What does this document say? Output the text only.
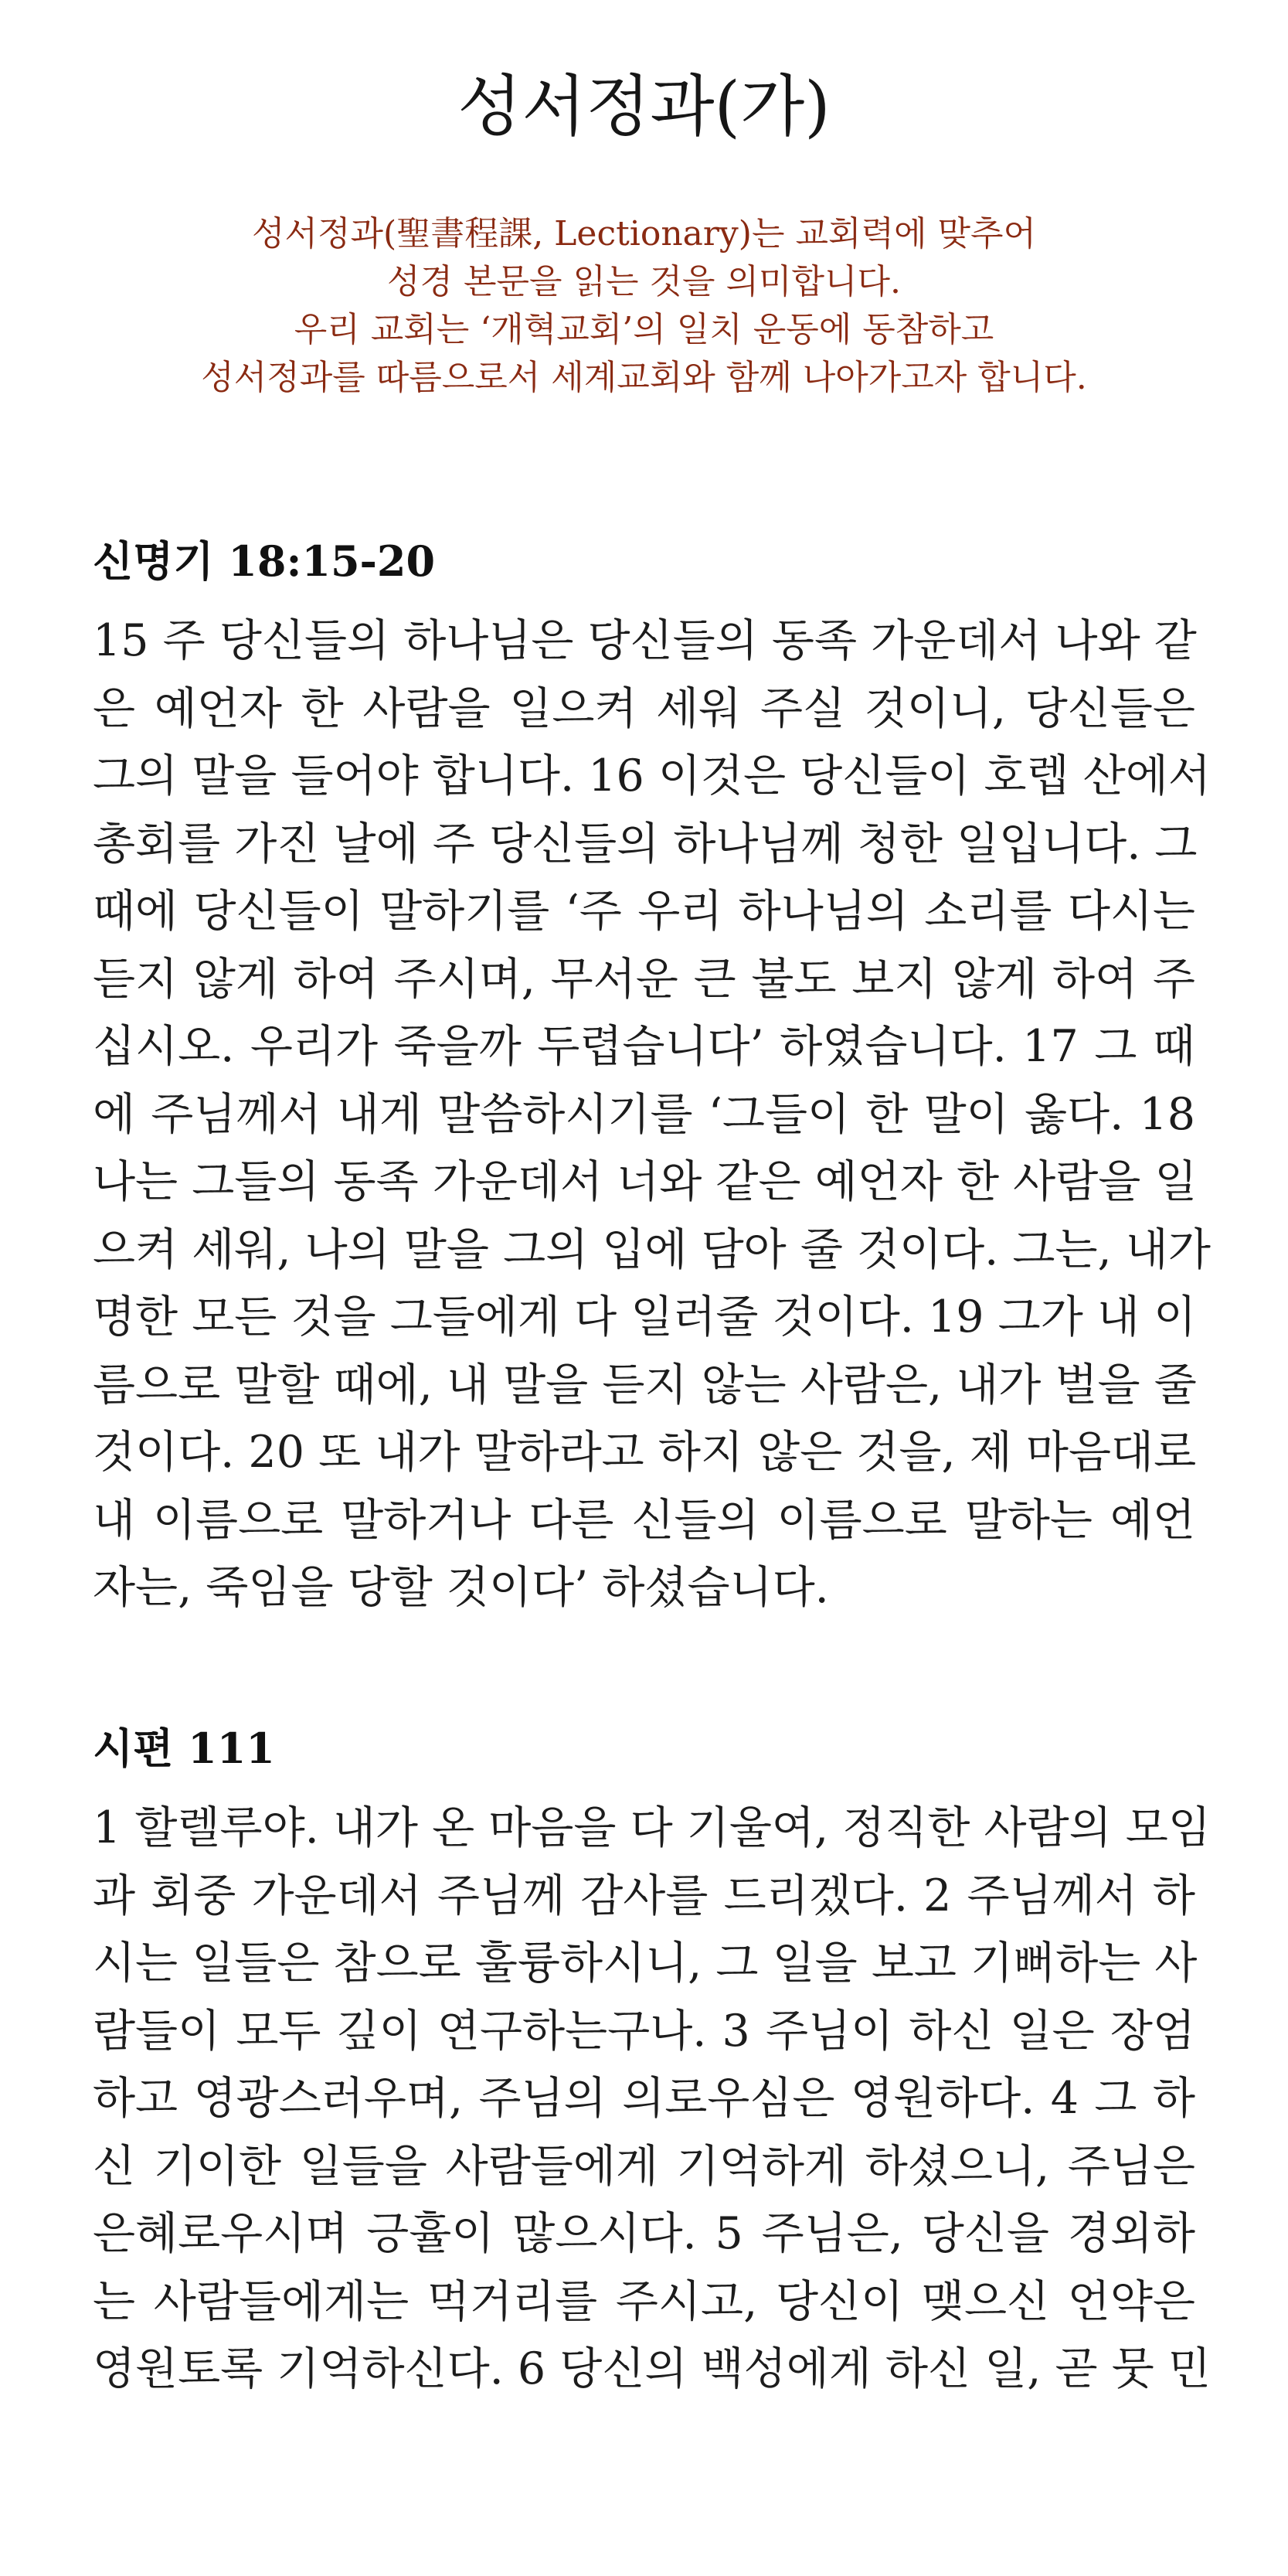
성서정과(가)
성서정과(聖書程課, Lectionary)는 교회력에 맞추어
성경 본문을 읽는 것을 의미합니다.
우리 교회는 ‘개혁교회’의 일치 운동에 동참하고
성서정과를 따름으로서 세계교회와 함께 나아가고자 합니다.
신명기 18:15-20
15 주 당신들의 하나님은 당신들의 동족 가운데서 나와 같
은 예언자 한 사람을 일으켜 세워 주실 것이니, 당신들은
그의 말을 들어야 합니다. 16 이것은 당신들이 호렙 산에서
총회를 가진 날에 주 당신들의 하나님께 청한 일입니다. 그
때에 당신들이 말하기를 ‘주 우리 하나님의 소리를 다시는
듣지 않게 하여 주시며, 무서운 큰 불도 보지 않게 하여 주
십시오. 우리가 죽을까 두렵습니다’ 하였습니다. 17 그 때
에 주님께서 내게 말씀하시기를 ‘그들이 한 말이 옳다. 18
나는 그들의 동족 가운데서 너와 같은 예언자 한 사람을 일
으켜 세워, 나의 말을 그의 입에 담아 줄 것이다. 그는, 내가
명한 모든 것을 그들에게 다 일러줄 것이다. 19 그가 내 이
름으로 말할 때에, 내 말을 듣지 않는 사람은, 내가 벌을 줄
것이다. 20 또 내가 말하라고 하지 않은 것을, 제 마음대로
내 이름으로 말하거나 다른 신들의 이름으로 말하는 예언
자는, 죽임을 당할 것이다’ 하셨습니다.
시편 111
1 할렐루야. 내가 온 마음을 다 기울여, 정직한 사람의 모임
과 회중 가운데서 주님께 감사를 드리겠다. 2 주님께서 하
시는 일들은 참으로 훌륭하시니, 그 일을 보고 기뻐하는 사
람들이 모두 깊이 연구하는구나. 3 주님이 하신 일은 장엄
하고 영광스러우며, 주님의 의로우심은 영원하다. 4 그 하
신 기이한 일들을 사람들에게 기억하게 하셨으니, 주님은
은혜로우시며 긍휼이 많으시다. 5 주님은, 당신을 경외하
는 사람들에게는 먹거리를 주시고, 당신이 맺으신 언약은
영원토록 기억하신다. 6 당신의 백성에게 하신 일, 곧 뭇 민
